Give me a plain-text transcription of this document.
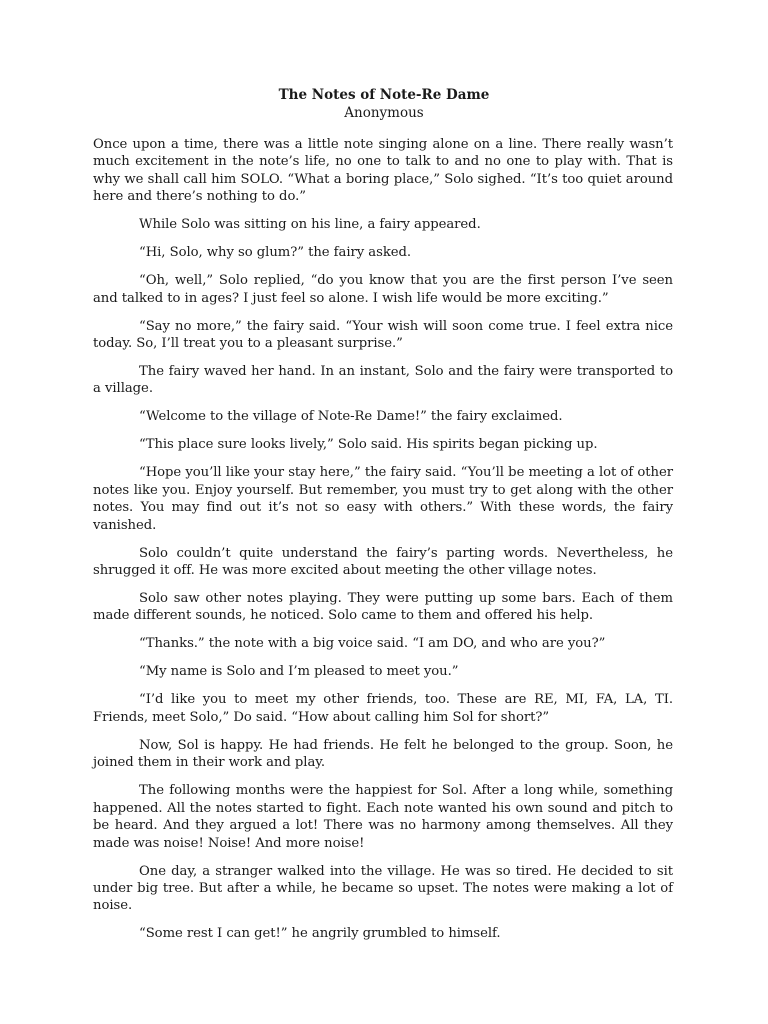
The Notes of Note-Re Dame
Anonymous

Once upon a time, there was a little note singing alone on a line. There really wasn’t much excitement in the note’s life, no one to talk to and no one to play with. That is why we shall call him SOLO. “What a boring place,” Solo sighed. “It’s too quiet around here and there’s nothing to do.”

While Solo was sitting on his line, a fairy appeared.

“Hi, Solo, why so glum?” the fairy asked.

“Oh, well,” Solo replied, “do you know that you are the first person I’ve seen and talked to in ages? I just feel so alone. I wish life would be more exciting.”

“Say no more,” the fairy said. “Your wish will soon come true. I feel extra nice today. So, I’ll treat you to a pleasant surprise.”

The fairy waved her hand. In an instant, Solo and the fairy were transported to a village.

“Welcome to the village of Note-Re Dame!” the fairy exclaimed.

“This place sure looks lively,” Solo said. His spirits began picking up.

“Hope you’ll like your stay here,” the fairy said. “You’ll be meeting a lot of other notes like you. Enjoy yourself. But remember, you must try to get along with the other notes. You may find out it’s not so easy with others.” With these words, the fairy vanished.

Solo couldn’t quite understand the fairy’s parting words. Nevertheless, he shrugged it off. He was more excited about meeting the other village notes.

Solo saw other notes playing. They were putting up some bars. Each of them made different sounds, he noticed. Solo came to them and offered his help.

“Thanks.” the note with a big voice said. “I am DO, and who are you?”

“My name is Solo and I’m pleased to meet you.”

“I’d like you to meet my other friends, too. These are RE, MI, FA, LA, TI. Friends, meet Solo,” Do said. “How about calling him Sol for short?”

Now, Sol is happy. He had friends. He felt he belonged to the group. Soon, he joined them in their work and play.

The following months were the happiest for Sol. After a long while, something happened. All the notes started to fight. Each note wanted his own sound and pitch to be heard. And they argued a lot! There was no harmony among themselves. All they made was noise! Noise! And more noise!

One day, a stranger walked into the village. He was so tired. He decided to sit under big tree. But after a while, he became so upset. The notes were making a lot of noise.

“Some rest I can get!” he angrily grumbled to himself.
